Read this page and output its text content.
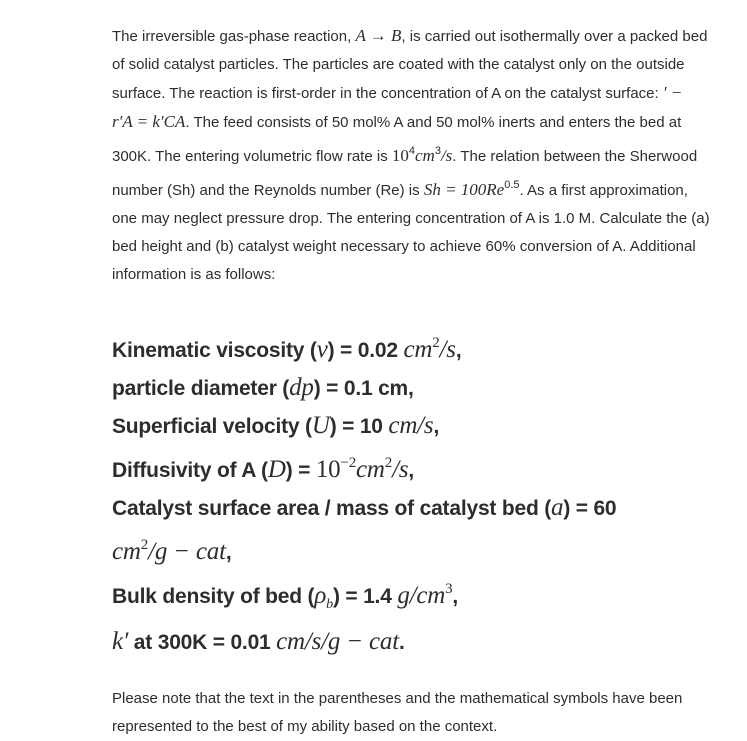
The irreversible gas-phase reaction, A → B, is carried out isothermally over a packed bed
of solid catalyst particles. The particles are coated with the catalyst only on the outside
surface. The reaction is first-order in the concentration of A on the catalyst surface: ′ −
r′A = k′CA. The feed consists of 50 mol% A and 50 mol% inerts and enters the bed at
300K. The entering volumetric flow rate is $10^4cm^3/s$. The relation between the Sherwood
number (Sh) and the Reynolds number (Re) is $Sh = 100Re^{0.5}$. As a first approximation,
one may neglect pressure drop. The entering concentration of A is 1.0 M. Calculate the (a)
bed height and (b) catalyst weight necessary to achieve 60% conversion of A. Additional
information is as follows:

Kinematic viscosity (v) = 0.02 $cm^2/s$,

particle diameter (dp) = 0.1 cm,

Superficial velocity (U) = 10 cm/s,

Diffusivity of A $(D) = 10^{-2}cm^2/s$,

Catalyst surface area / mass of catalyst bed (a) = 60

$cm^2/g$ − cat,

Bulk density of bed $(\rho_b) = 1.4$ $g/cm^3$,

k′ at 300K = 0.01 cm/s/g − cat.

Please note that the text in the parentheses and the mathematical symbols have been
represented to the best of my ability based on the context.
